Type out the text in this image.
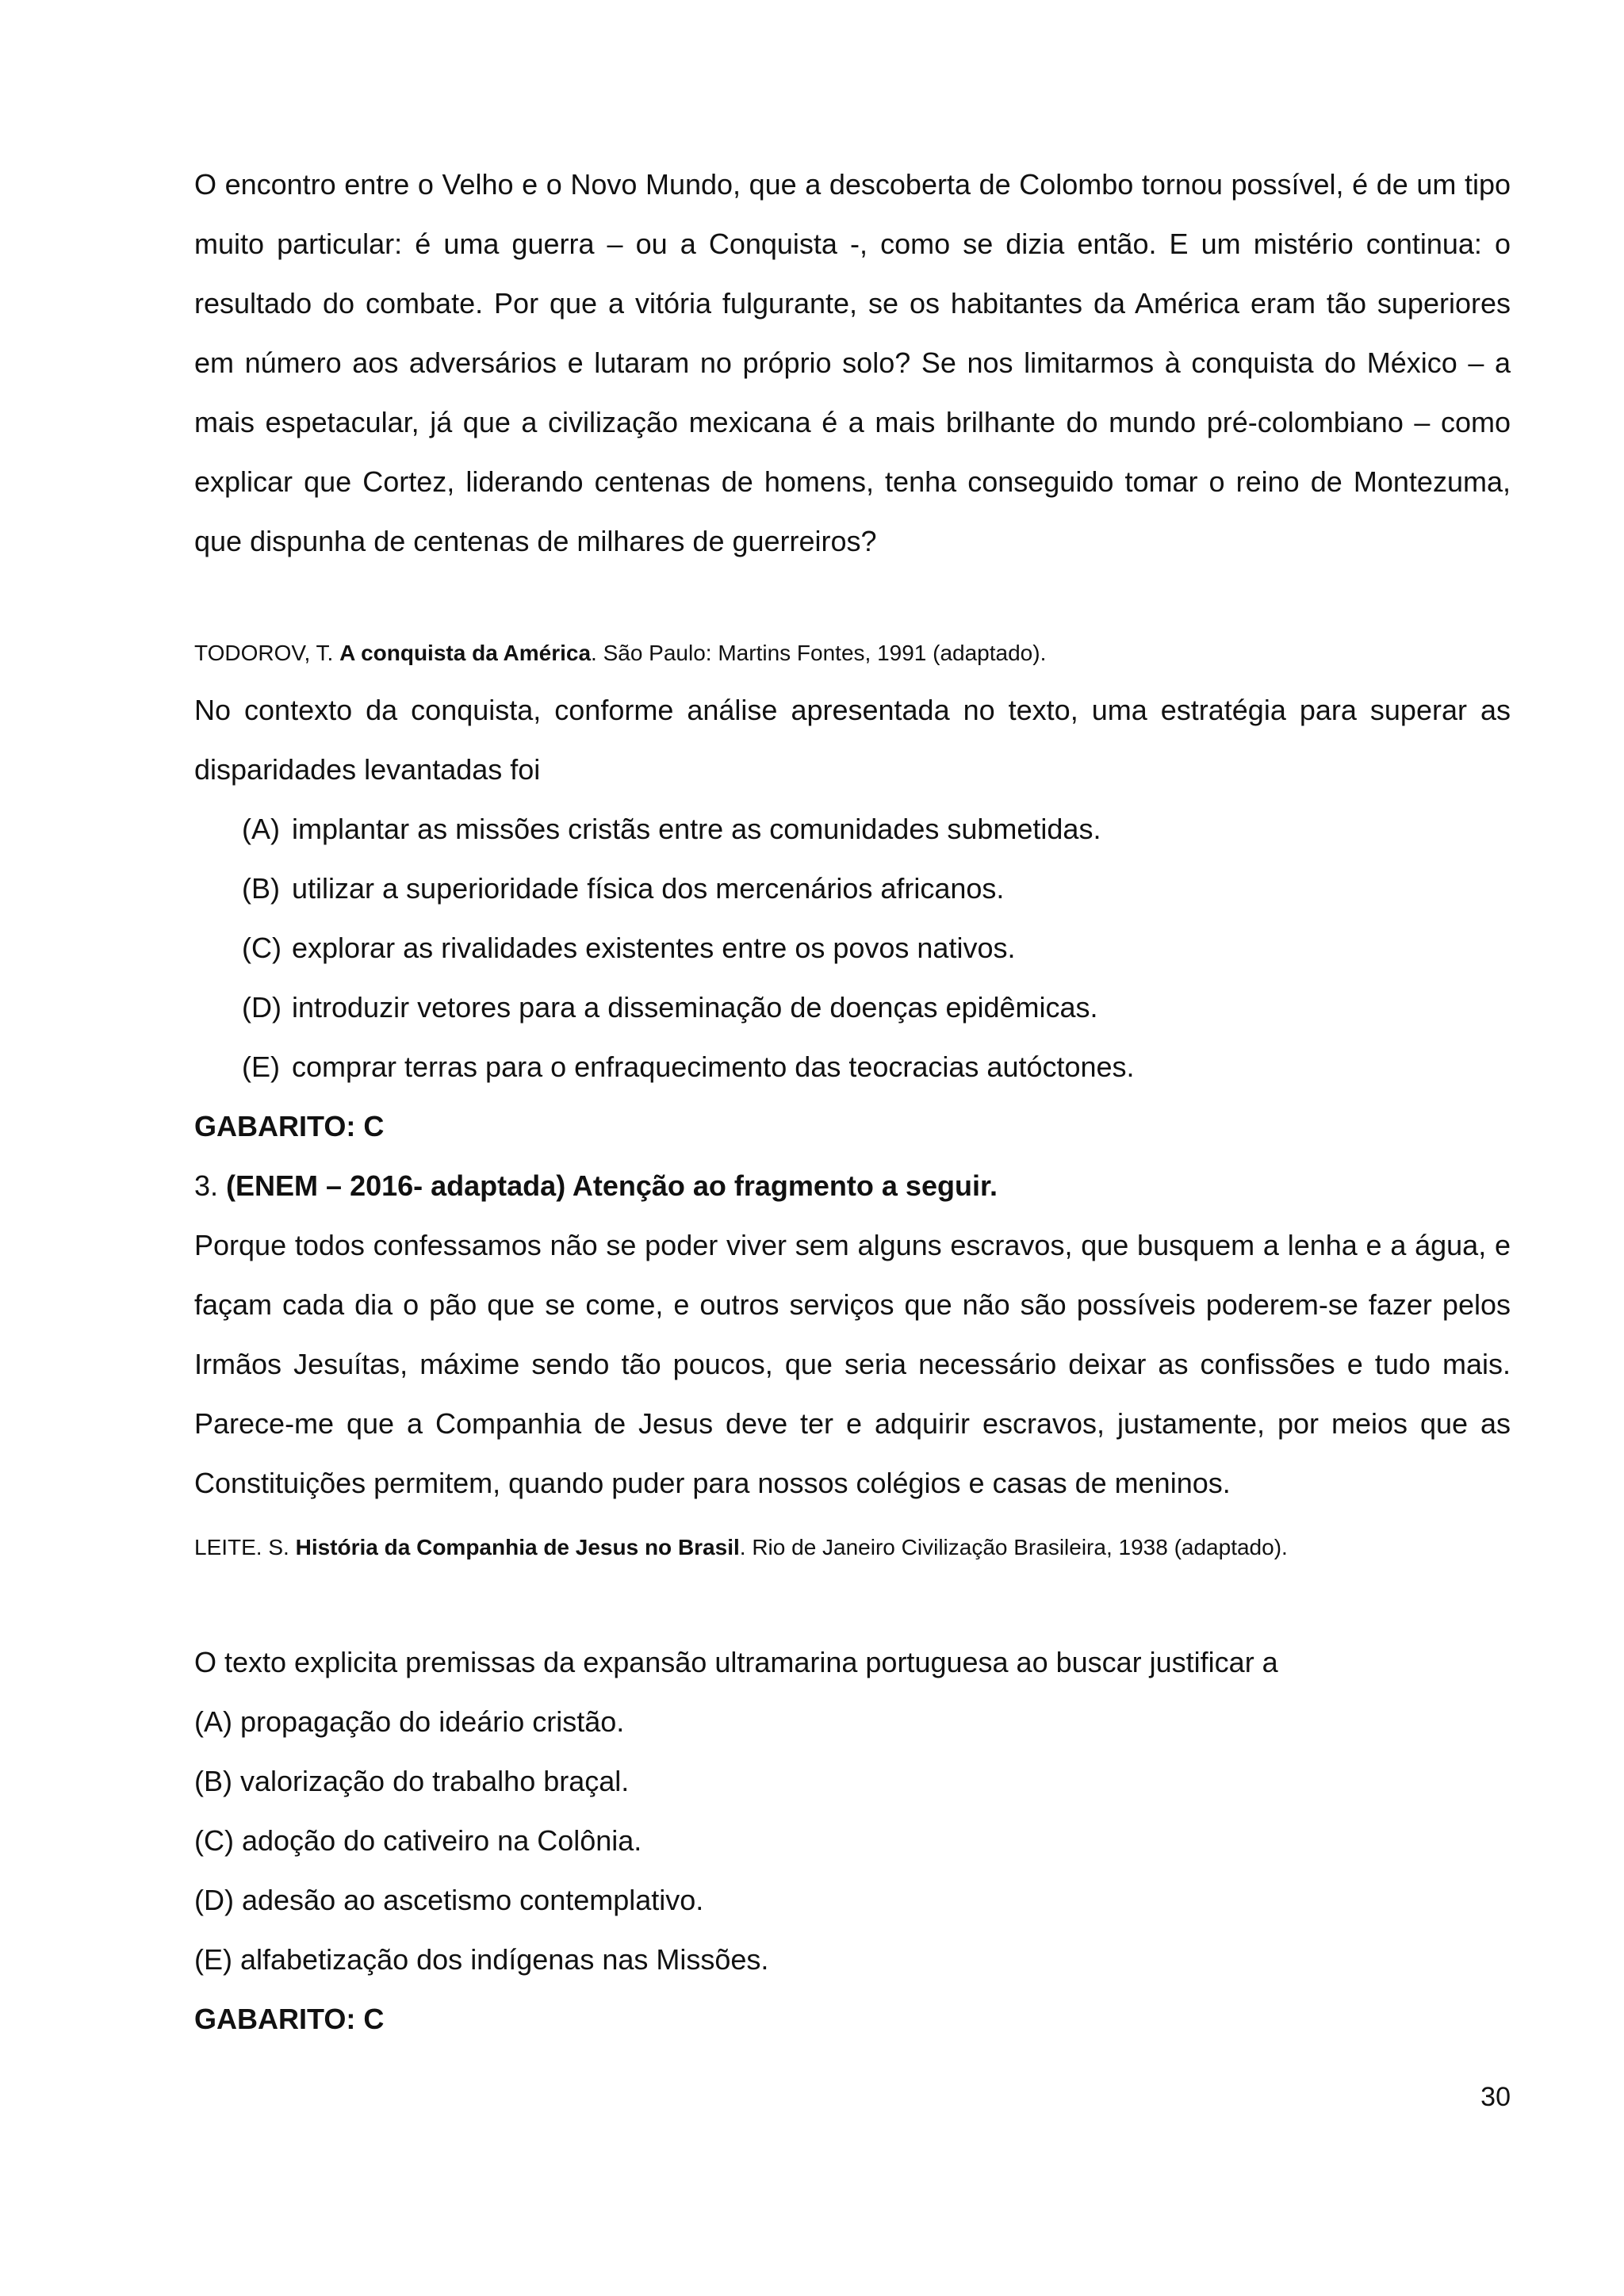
O encontro entre o Velho e o Novo Mundo, que a descoberta de Colombo tornou possível, é de um tipo muito particular: é uma guerra – ou a Conquista -, como se dizia então. E um mistério continua: o resultado do combate. Por que a vitória fulgurante, se os habitantes da América eram tão superiores em número aos adversários e lutaram no próprio solo? Se nos limitarmos à conquista do México – a mais espetacular, já que a civilização mexicana é a mais brilhante do mundo pré-colombiano – como explicar que Cortez, liderando centenas de homens, tenha conseguido tomar o reino de Montezuma, que dispunha de centenas de milhares de guerreiros?

TODOROV, T. A conquista da América. São Paulo: Martins Fontes, 1991 (adaptado).

No contexto da conquista, conforme análise apresentada no texto, uma estratégia para superar as disparidades levantadas foi

(A) implantar as missões cristãs entre as comunidades submetidas.
(B) utilizar a superioridade física dos mercenários africanos.
(C) explorar as rivalidades existentes entre os povos nativos.
(D) introduzir vetores para a disseminação de doenças epidêmicas.
(E) comprar terras para o enfraquecimento das teocracias autóctones.
GABARITO: C
3. (ENEM – 2016- adaptada) Atenção ao fragmento a seguir.

Porque todos confessamos não se poder viver sem alguns escravos, que busquem a lenha e a água, e façam cada dia o pão que se come, e outros serviços que não são possíveis poderem-se fazer pelos Irmãos Jesuítas, máxime sendo tão poucos, que seria necessário deixar as confissões e tudo mais. Parece-me que a Companhia de Jesus deve ter e adquirir escravos, justamente, por meios que as Constituições permitem, quando puder para nossos colégios e casas de meninos.

LEITE. S. História da Companhia de Jesus no Brasil. Rio de Janeiro Civilização Brasileira, 1938 (adaptado).

O texto explicita premissas da expansão ultramarina portuguesa ao buscar justificar a
(A) propagação do ideário cristão.
(B) valorização do trabalho braçal.
(C) adoção do cativeiro na Colônia.
(D) adesão ao ascetismo contemplativo.
(E) alfabetização dos indígenas nas Missões.
GABARITO: C
30
